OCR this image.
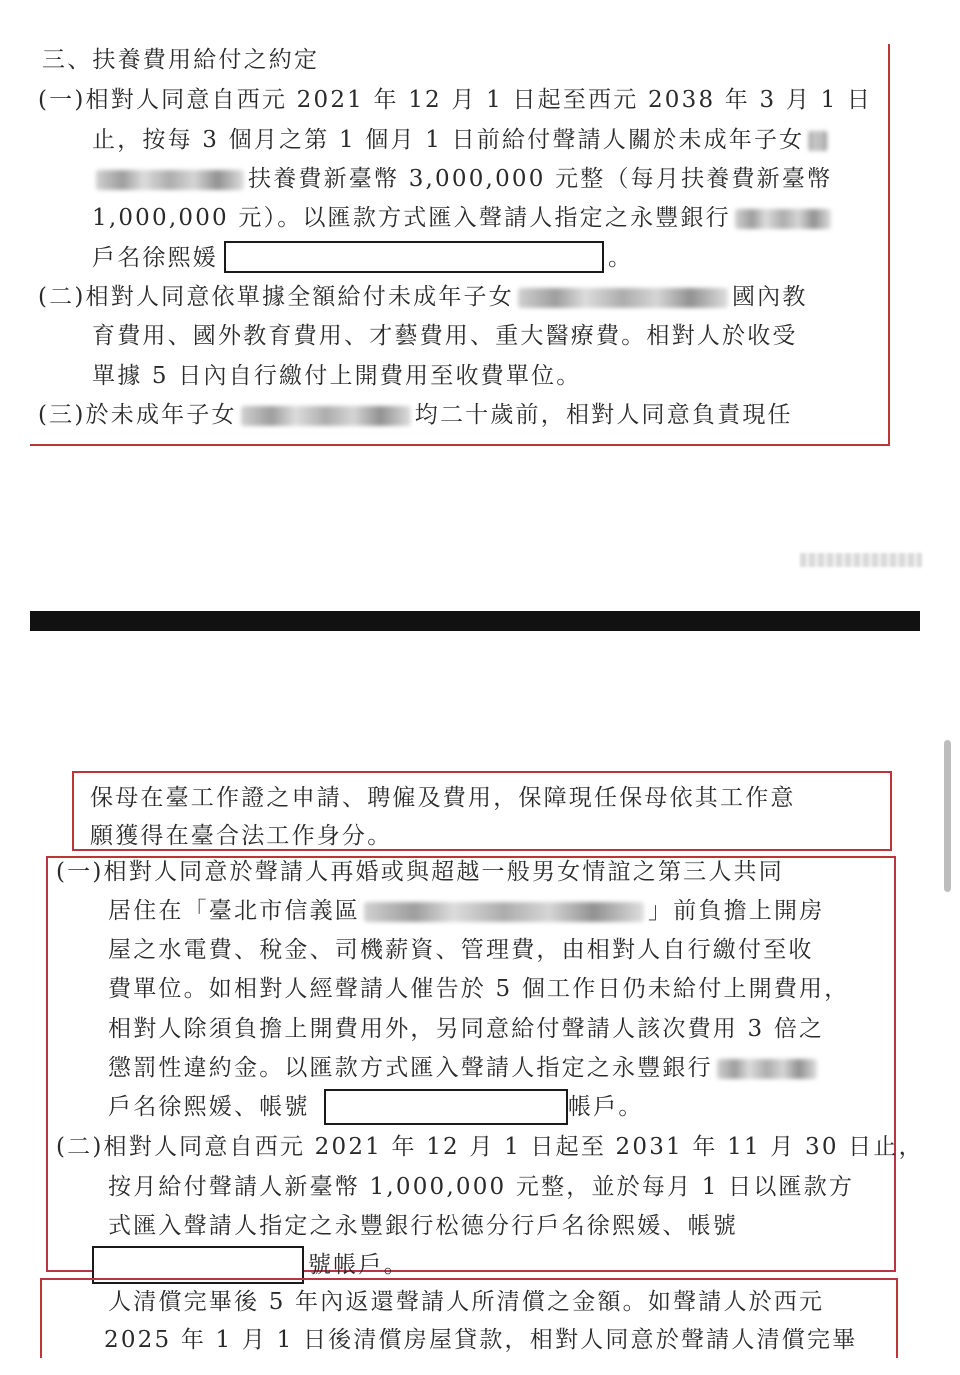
三、扶養費用給付之約定
(一)相對人同意自西元 2021 年 12 月 1 日起至西元 2038 年 3 月 1 日
止，按每 3 個月之第 1 個月 1 日前給付聲請人關於未成年子女
扶養費新臺幣 3,000,000 元整（每月扶養費新臺幣
1,000,000 元）。以匯款方式匯入聲請人指定之永豐銀行
戶名徐熙媛	。
(二)相對人同意依單據全額給付未成年子女	國內教
育費用、國外教育費用、才藝費用、重大醫療費。相對人於收受
單據 5 日內自行繳付上開費用至收費單位。
(三)於未成年子女	均二十歲前，相對人同意負責現任
保母在臺工作證之申請、聘僱及費用，保障現任保母依其工作意
願獲得在臺合法工作身分。
(一)相對人同意於聲請人再婚或與超越一般男女情誼之第三人共同
居住在「臺北市信義區	」前負擔上開房
屋之水電費、稅金、司機薪資、管理費，由相對人自行繳付至收
費單位。如相對人經聲請人催告於 5 個工作日仍未給付上開費用，
相對人除須負擔上開費用外，另同意給付聲請人該次費用 3 倍之
懲罰性違約金。以匯款方式匯入聲請人指定之永豐銀行
戶名徐熙媛、帳號	帳戶。
(二)相對人同意自西元 2021 年 12 月 1 日起至 2031 年 11 月 30 日止，
按月給付聲請人新臺幣 1,000,000 元整，並於每月 1 日以匯款方
式匯入聲請人指定之永豐銀行松德分行戶名徐熙媛、帳號
號帳戶。
人清償完畢後 5 年內返還聲請人所清償之金額。如聲請人於西元
2025 年 1 月 1 日後清償房屋貸款，相對人同意於聲請人清償完畢
